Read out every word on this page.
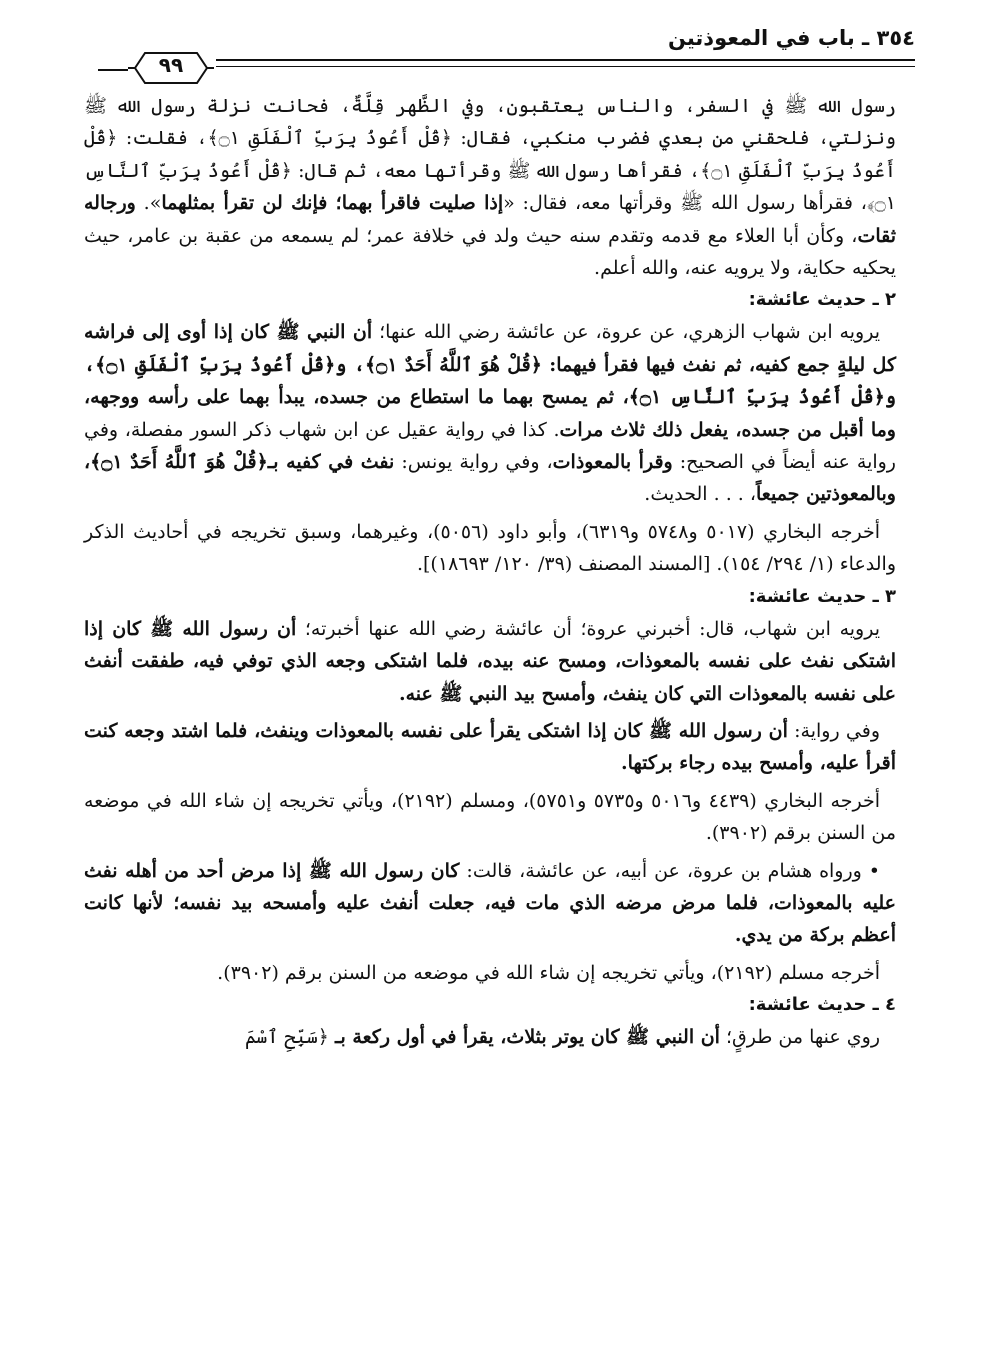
٣٥٤ ـ باب في المعوذتين
٩٩

رسول الله ﷺ في السفر، والناس يعتقبون، وفي الظَّهر قِلَّةٌ، فحانت نزلة رسول الله ﷺ ونزلتي، فلحقني من بعدي فضرب منكبي، فقال: ﴿قُلْ أَعُوذُ بِرَبِّ ٱلْفَلَقِ ۝١﴾، فقلت: ﴿قُلْ أَعُوذُ بِرَبِّ ٱلْفَلَقِ ۝١﴾، فقرأها رسول الله ﷺ وقرأتها معه، ثم قال: ﴿قُلْ أَعُوذُ بِرَبِّ ٱلنَّاسِ ۝١﴾، فقرأها رسول الله ﷺ وقرأتها معه، فقال: «إذا صليت فاقرأ بهما؛ فإنك لن تقرأ بمثلهما». ورجاله ثقات، وكأن أبا العلاء مع قدمه وتقدم سنه حيث ولد في خلافة عمر؛ لم يسمعه من عقبة بن عامر، حيث يحكيه حكاية، ولا يرويه عنه، والله أعلم.

٢ ـ حديث عائشة:

يرويه ابن شهاب الزهري، عن عروة، عن عائشة رضي الله عنها؛ أن النبي ﷺ كان إذا أوى إلى فراشه كل ليلةٍ جمع كفيه، ثم نفث فيها فقرأ فيهما: ﴿قُلْ هُوَ ٱللَّهُ أَحَدٌ ۝١﴾، و﴿قُلْ أَعُوذُ بِرَبِّ ٱلْفَلَقِ ۝١﴾، و﴿قُلْ أَعُوذُ بِرَبِّ ٱلنَّاسِ ۝١﴾، ثم يمسح بهما ما استطاع من جسده، يبدأ بهما على رأسه ووجهه، وما أقبل من جسده، يفعل ذلك ثلاث مرات. كذا في رواية عقيل عن ابن شهاب ذكر السور مفصلة، وفي رواية عنه أيضاً في الصحيح: وقرأ بالمعوذات، وفي رواية يونس: نفث في كفيه بـ﴿قُلْ هُوَ ٱللَّهُ أَحَدٌ ۝١﴾، وبالمعوذتين جميعاً، . . . الحديث.

أخرجه البخاري (٥٠١٧ و٥٧٤٨ و٦٣١٩)، وأبو داود (٥٠٥٦)، وغيرهما، وسبق تخريجه في أحاديث الذكر والدعاء (١/ ٢٩٤/ ١٥٤). [المسند المصنف (٣٩/ ١٢٠/ ١٨٦٩٣)].

٣ ـ حديث عائشة:

يرويه ابن شهاب، قال: أخبرني عروة؛ أن عائشة رضي الله عنها أخبرته؛ أن رسول الله ﷺ كان إذا اشتكى نفث على نفسه بالمعوذات، ومسح عنه بيده، فلما اشتكى وجعه الذي توفي فيه، طفقت أنفث على نفسه بالمعوذات التي كان ينفث، وأمسح بيد النبي ﷺ عنه.

وفي رواية: أن رسول الله ﷺ كان إذا اشتكى يقرأ على نفسه بالمعوذات وينفث، فلما اشتد وجعه كنت أقرأ عليه، وأمسح بيده رجاء بركتها.

أخرجه البخاري (٤٤٣٩ و٥٠١٦ و٥٧٣٥ و٥٧٥١)، ومسلم (٢١٩٢)، ويأتي تخريجه إن شاء الله في موضعه من السنن برقم (٣٩٠٢).

• ورواه هشام بن عروة، عن أبيه، عن عائشة، قالت: كان رسول الله ﷺ إذا مرض أحد من أهله نفث عليه بالمعوذات، فلما مرض مرضه الذي مات فيه، جعلت أنفث عليه وأمسحه بيد نفسه؛ لأنها كانت أعظم بركة من يدي.

أخرجه مسلم (٢١٩٢)، ويأتي تخريجه إن شاء الله في موضعه من السنن برقم (٣٩٠٢).

٤ ـ حديث عائشة:

روي عنها من طرقٍ؛ أن النبي ﷺ كان يوتر بثلاث، يقرأ في أول ركعة بـ ﴿سَبِّحِ ٱسْمَ
